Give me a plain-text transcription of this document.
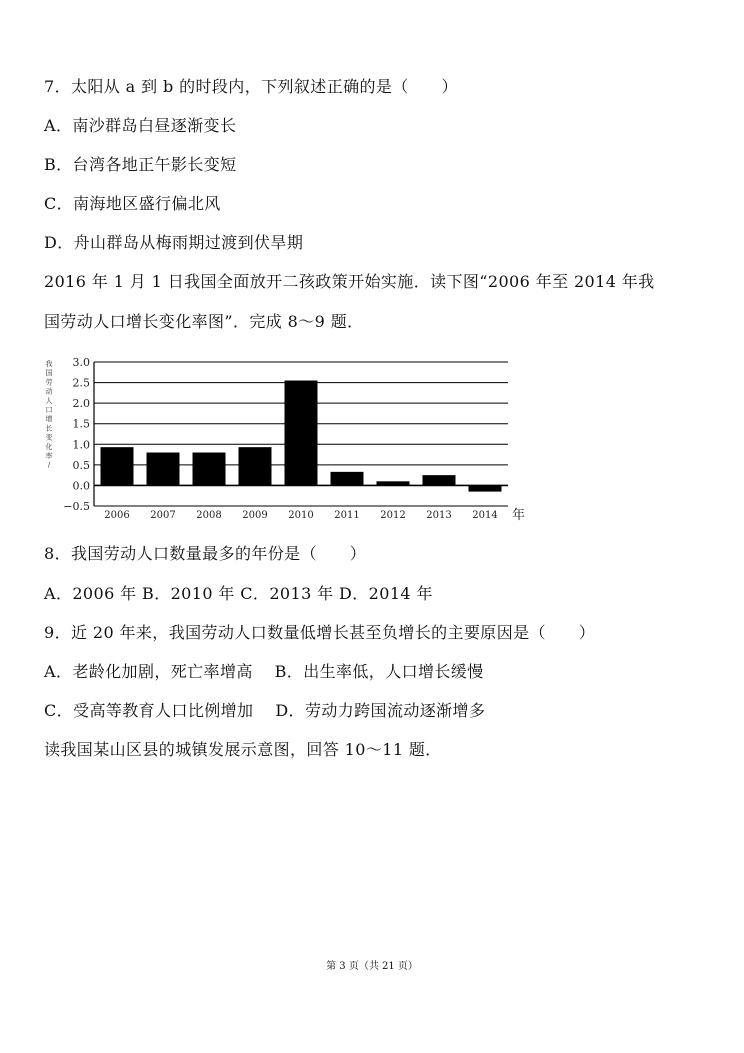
7．太阳从 a 到 b 的时段内，下列叙述正确的是（　　）
A．南沙群岛白昼逐渐变长
B．台湾各地正午影长变短
C．南海地区盛行偏北风
D．舟山群岛从梅雨期过渡到伏旱期
2016 年 1 月 1 日我国全面放开二孩政策开始实施．读下图“2006 年至 2014 年我
国劳动人口增长变化率图”．完成 8～9 题．
3.0
2.5
2.0
1.5
1.0
0.5
0.0
−0.5
2006 2007 2008 2009 2010 2011 2012 2013 2014 年
我国劳动人口增长变化率/
8．我国劳动人口数量最多的年份是（　　）
A．2006 年 B．2010 年 C．2013 年 D．2014 年
9．近 20 年来，我国劳动人口数量低增长甚至负增长的主要原因是（　　）
A．老龄化加剧，死亡率增高　 B．出生率低，人口增长缓慢
C．受高等教育人口比例增加　 D．劳动力跨国流动逐渐增多
读我国某山区县的城镇发展示意图，回答 10～11 题．
第 3 页（共 21 页）
